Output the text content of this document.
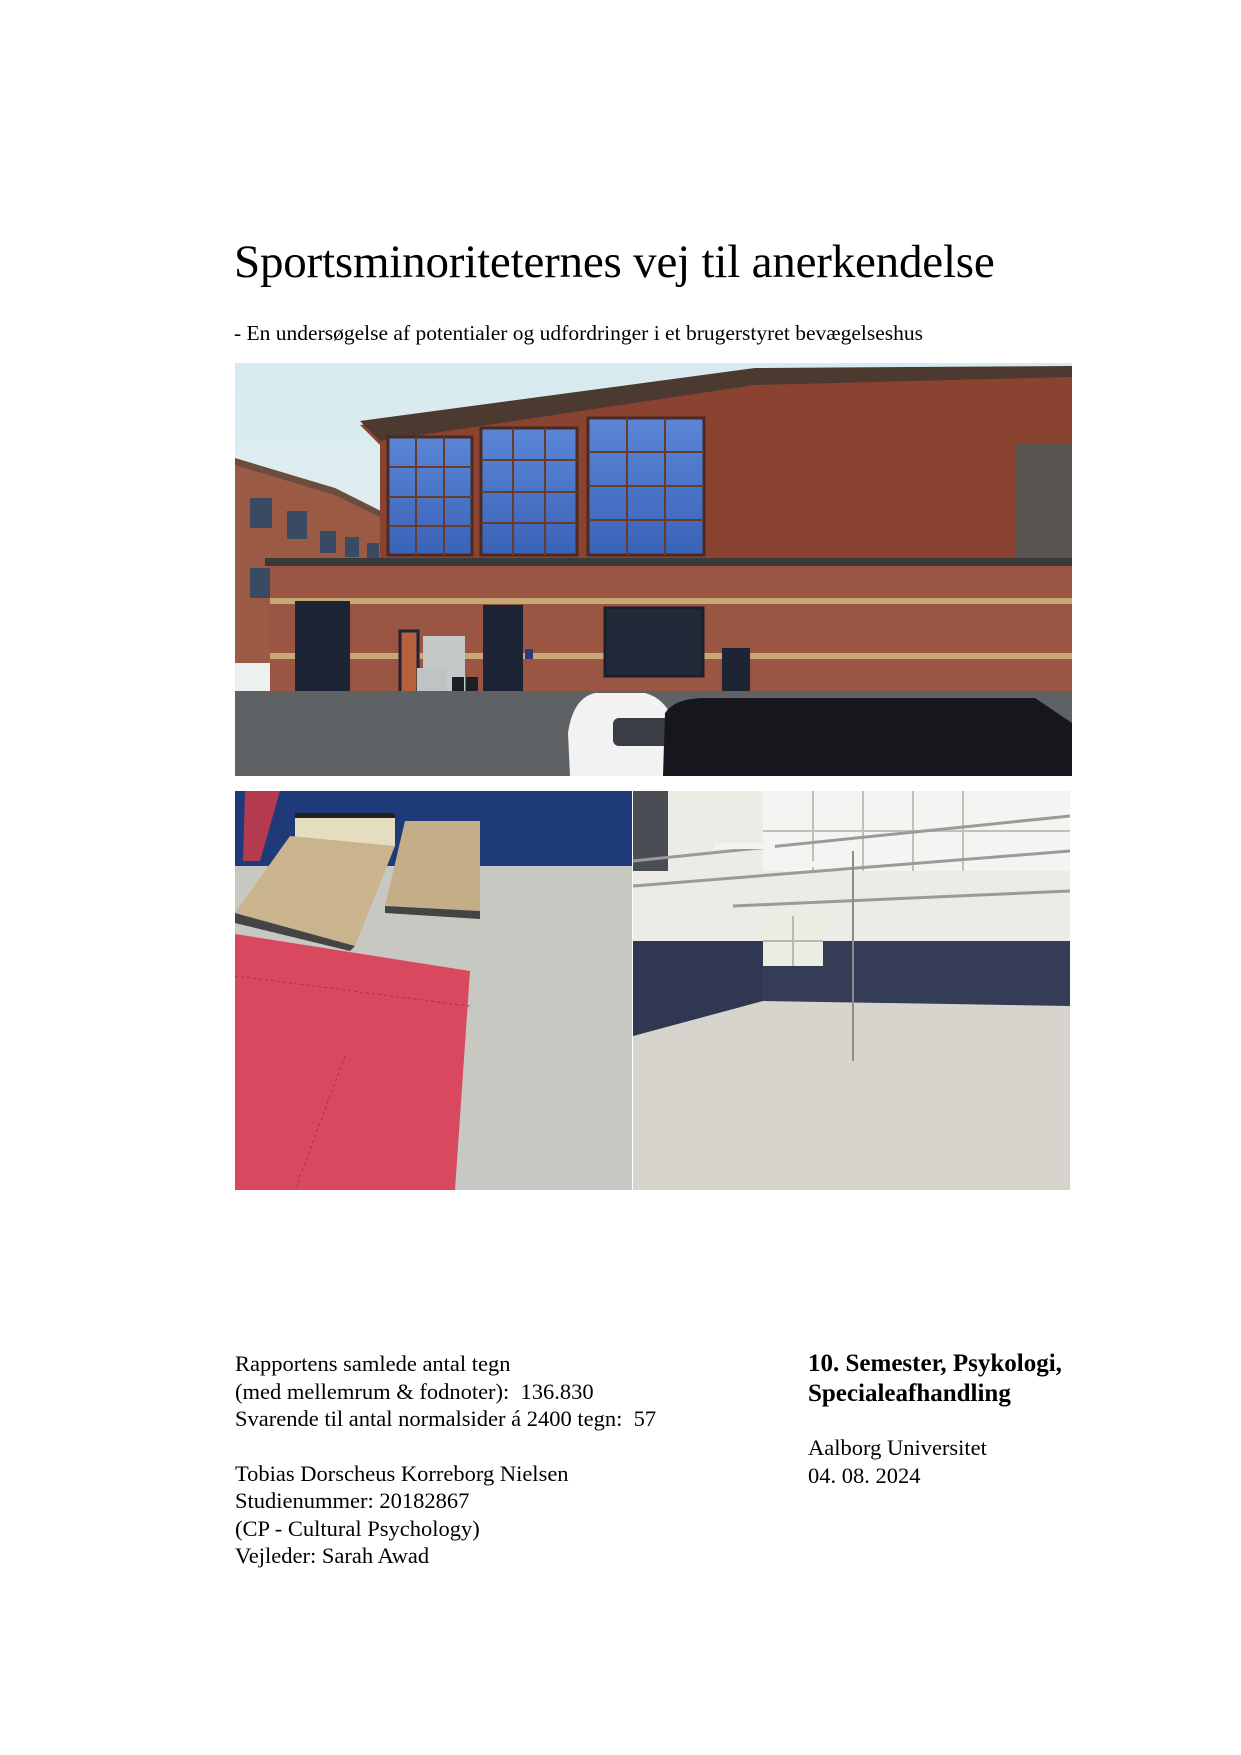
Sportsminoriteternes vej til anerkendelse
- En undersøgelse af potentialer og udfordringer i et brugerstyret bevægelseshus
Rapportens samlede antal tegn
(med mellemrum & fodnoter):  136.830
Svarende til antal normalsider á 2400 tegn:  57
Tobias Dorscheus Korreborg Nielsen
Studienummer: 20182867
(CP - Cultural Psychology)
Vejleder: Sarah Awad
10. Semester, Psykologi,
Specialeafhandling
Aalborg Universitet
04. 08. 2024
